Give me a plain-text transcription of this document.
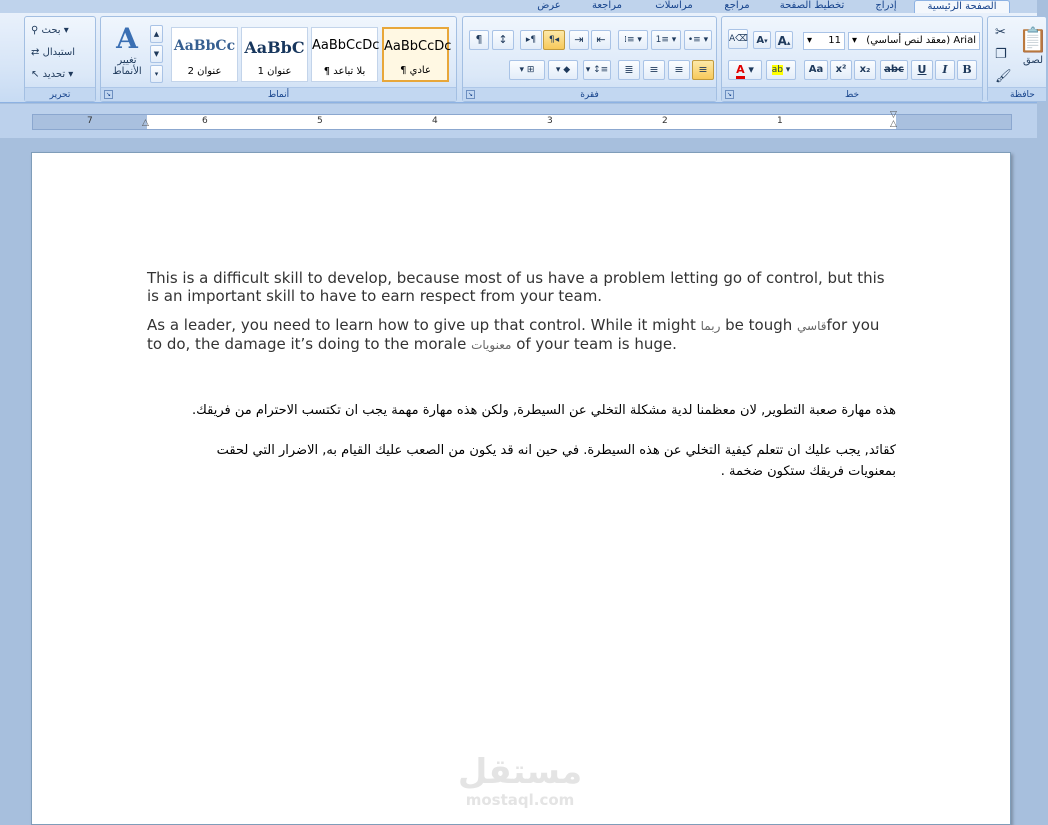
عرض	مراجعة	مراسلات	مراجع	تخطيط الصفحة	إدراج	الصفحة الرئيسية
⚲ بحث ▾
⇄ استبدال
↖ تحديد ▾
تحرير
A
تغيير الأنماط
▲
▼
▾
AaBbCc
عنوان 2
AaBbC
عنوان 1
AaBbCcDc
¶ بلا تباعد
AaBbCcDc
¶ عادي
أنماط
↘
¶	↕	▸¶	¶◂	⇥	⇤	⁞≡ ▾	1≡ ▾	•≡ ▾
▾ ⊞	▾ ◆	▾ ↕≡	≣	≡	≡	≡
فقرة
↘
A⌫ A▾ A▴	▾ 11	Arial (معقد لنص أساسي)
▾
A ▾	ab ▾	Aa	x²	x₂	abc	U	I	B
خط
↘
✂
❐
🖌
📋
لصق
حافظة
1
2
3
4
5
6
7	△
▽
△

This is a difficult skill to develop, because most of us have a problem letting go of control, but this is an important skill to have to earn respect from your team.

As a leader, you need to learn how to give up that control. While it might ربما be tough قاسيfor you to do, the damage it’s doing to the morale معنويات of your team is huge.

هذه مهارة صعبة التطوير, لان معظمنا لدية مشكلة التخلي عن السيطرة, ولكن هذه مهارة مهمة يجب ان تكتسب الاحترام من فريقك.

كقائد, يجب عليك ان تتعلم كيفية التخلي عن هذه السيطرة. في حين انه قد يكون من الصعب عليك القيام به, الاضرار التي لحقت بمعنويات فريقك ستكون ضخمة .

مستقل
mostaql.com
